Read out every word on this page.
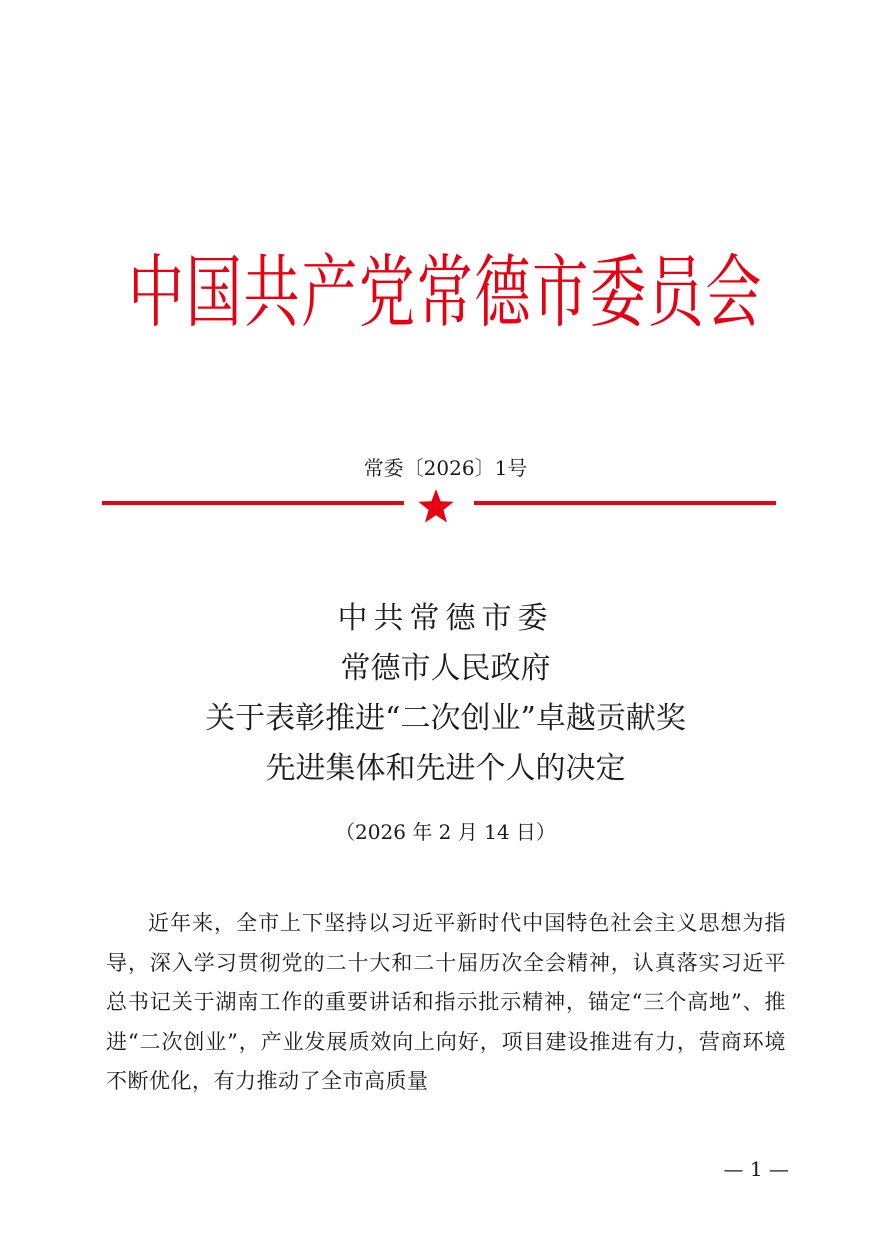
中国共产党常德市委员会
常委〔2026〕1号
中共常德市委
常德市人民政府
关于表彰推进“二次创业”卓越贡献奖
先进集体和先进个人的决定
（2026 年 2 月 14 日）

近年来，全市上下坚持以习近平新时代中国特色社会主义思想为指导，深入学习贯彻党的二十大和二十届历次全会精神，认真落实习近平总书记关于湖南工作的重要讲话和指示批示精神，锚定“三个高地”、推进“二次创业”，产业发展质效向上向好，项目建设推进有力，营商环境不断优化，有力推动了全市高质量

— 1 —
